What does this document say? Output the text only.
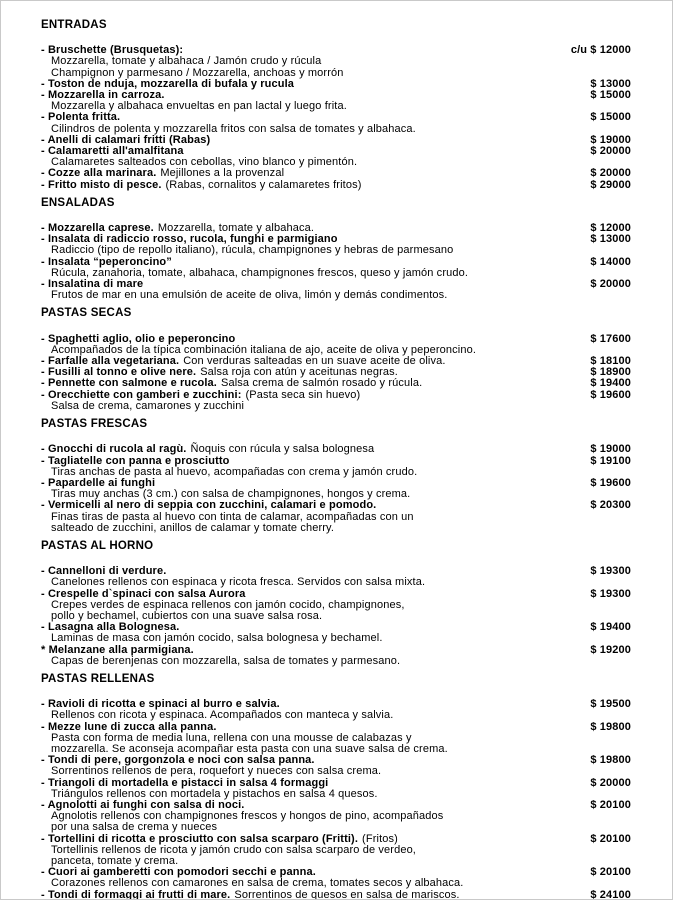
ENTRADAS
- Bruschette (Brusquetas):	c/u $ 12000
Mozzarella, tomate y albahaca / Jamón crudo y rúcula
Champignon y parmesano / Mozzarella, anchoas y morrón
- Toston de nduja, mozzarella di bufala y rucula	$ 13000
- Mozzarella in carroza.	$ 15000
Mozzarella y albahaca envueltas en pan lactal y luego frita.
- Polenta fritta.	$ 15000
Cilindros de polenta y mozzarella fritos con salsa de tomates y albahaca.
- Anelli di calamari fritti (Rabas)	$ 19000
- Calamaretti all'amalfitana	$ 20000
Calamaretes salteados con cebollas, vino blanco y pimentón.
- Cozze alla marinara. Mejillones a la provenzal	$ 20000
- Fritto misto di pesce. (Rabas, cornalitos y calamaretes fritos)	$ 29000
ENSALADAS
- Mozzarella caprese. Mozzarella, tomate y albahaca.	$ 12000
- Insalata di radiccio rosso, rucola, funghi e parmigiano	$ 13000
Radiccio (tipo de repollo italiano), rúcula, champignones y hebras de parmesano
- Insalata “peperoncino”	$ 14000
Rúcula, zanahoria, tomate, albahaca, champignones frescos, queso y jamón crudo.
- Insalatina di mare	$ 20000
Frutos de mar en una emulsión de aceite de oliva, limón y demás condimentos.
PASTAS SECAS
- Spaghetti aglio, olio e peperoncino	$ 17600
Acompañados de la típica combinación italiana de ajo, aceite de oliva y peperoncino.
- Farfalle alla vegetariana. Con verduras salteadas en un suave aceite de oliva.	$ 18100
- Fusilli al tonno e olive nere. Salsa roja con atún y aceitunas negras.	$ 18900
- Pennette con salmone e rucola. Salsa crema de salmón rosado y rúcula.	$ 19400
- Orecchiette con gamberi e zucchini: (Pasta seca sin huevo)	$ 19600
Salsa de crema, camarones y zucchini
PASTAS FRESCAS
- Gnocchi di rucola al ragù. Ñoquis con rúcula y salsa bolognesa	$ 19000
- Tagliatelle con panna e prosciutto	$ 19100
Tiras anchas de pasta al huevo, acompañadas con crema y jamón crudo.
- Papardelle ai funghi	$ 19600
Tiras muy anchas (3 cm.) con salsa de champignones, hongos y crema.
- Vermicelli al nero di seppia con zucchini, calamari e pomodo.	$ 20300
Finas tiras de pasta al huevo con tinta de calamar, acompañadas con un
salteado de zucchini, anillos de calamar y tomate cherry.
PASTAS AL HORNO
- Cannelloni di verdure.	$ 19300
Canelones rellenos con espinaca y ricota fresca. Servidos con salsa mixta.
- Crespelle d`spinaci con salsa Aurora	$ 19300
Crepes verdes de espinaca rellenos con jamón cocido, champignones,
pollo y bechamel, cubiertos con una suave salsa rosa.
- Lasagna alla Bolognesa.	$ 19400
Laminas de masa con jamón cocido, salsa bolognesa y bechamel.
* Melanzane alla parmigiana.	$ 19200
Capas de berenjenas con mozzarella, salsa de tomates y parmesano.
PASTAS RELLENAS
- Ravioli di ricotta e spinaci al burro e salvia.	$ 19500
Rellenos con ricota y espinaca. Acompañados con manteca y salvia.
- Mezze lune di zucca alla panna.	$ 19800
Pasta con forma de media luna, rellena con una mousse de calabazas y
mozzarella. Se aconseja acompañar esta pasta con una suave salsa de crema.
- Tondi di pere, gorgonzola e noci con salsa panna.	$ 19800
Sorrentinos rellenos de pera, roquefort y nueces con salsa crema.
- Triangoli di mortadella e pistacci in salsa 4 formaggi	$ 20000
Triángulos rellenos con mortadela y pistachos en salsa 4 quesos.
- Agnolotti ai funghi con salsa di noci.	$ 20100
Agnolotis rellenos con champignones frescos y hongos de pino, acompañados
por una salsa de crema y nueces
- Tortellini di ricotta e prosciutto con salsa scarparo (Fritti). (Fritos)	$ 20100
Tortellinis rellenos de ricota y jamón crudo con salsa scarparo de verdeo,
panceta, tomate y crema.
- Cuori ai gamberetti con pomodori secchi e panna.	$ 20100
Corazones rellenos con camarones en salsa de crema, tomates secos y albahaca.
- Tondi di formaggi ai frutti di mare. Sorrentinos de quesos en salsa de mariscos.	$ 24100
